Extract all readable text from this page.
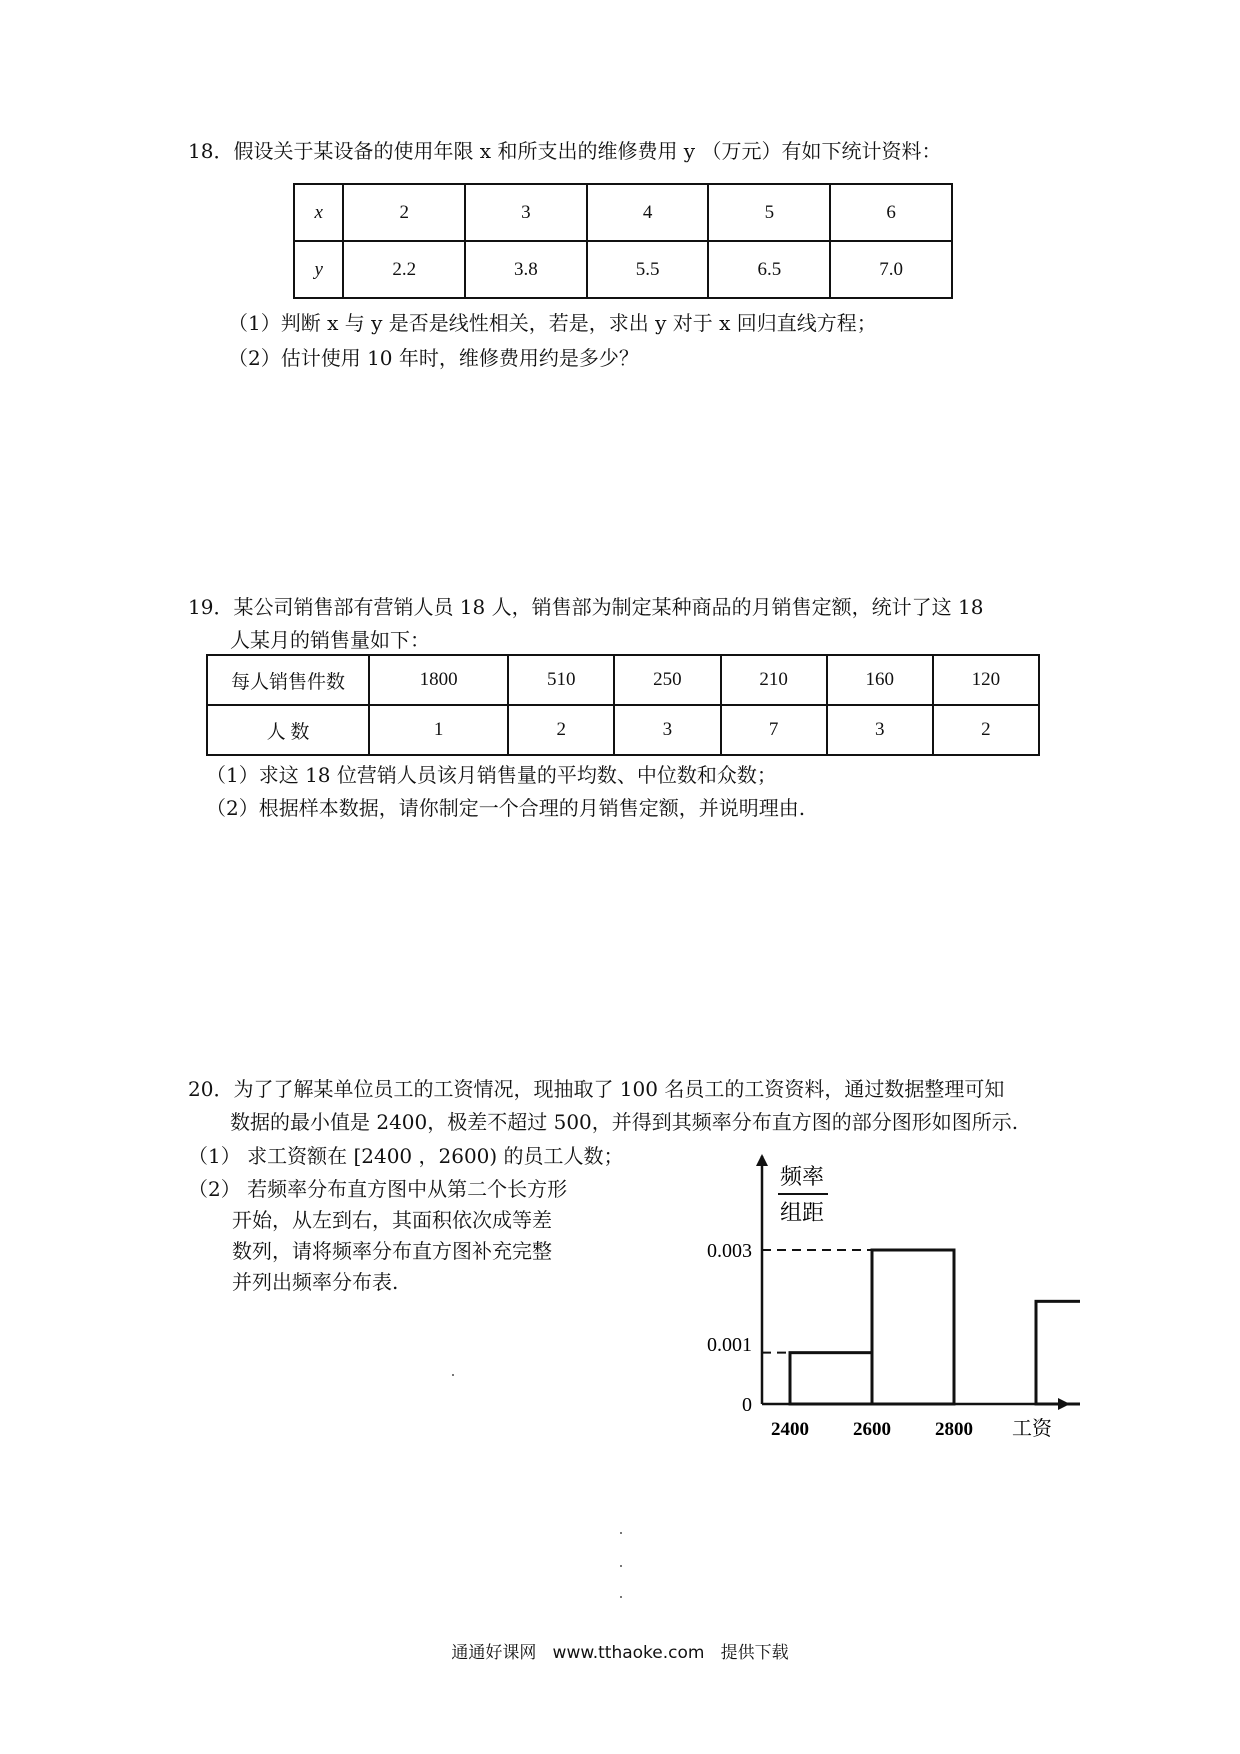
18．假设关于某设备的使用年限 x 和所支出的维修费用 y （万元）有如下统计资料：
x	2	3	4	5	6
y	2.2	3.8	5.5	6.5	7.0
（1）判断 x 与 y 是否是线性相关，若是，求出 y 对于 x 回归直线方程；
（2）估计使用 10 年时，维修费用约是多少？
19．某公司销售部有营销人员 18 人，销售部为制定某种商品的月销售定额，统计了这 18
人某月的销售量如下：
每人销售件数	1800	510	250	210	160	120
人 数	1	2	3	7	3	2
（1）求这 18 位营销人员该月销售量的平均数、中位数和众数；
（2）根据样本数据，请你制定一个合理的月销售定额，并说明理由.
20．为了了解某单位员工的工资情况，现抽取了 100 名员工的工资资料，通过数据整理可知
数据的最小值是 2400，极差不超过 500，并得到其频率分布直方图的部分图形如图所示.
（1） 求工资额在 [2400 ，2600) 的员工人数；
（2） 若频率分布直方图中从第二个长方形
开始，从左到右，其面积依次成等差
数列，请将频率分布直方图补充完整
并列出频率分布表.
频率
组距
0.003
0.001
0
2400 2600 2800 工资
通通好课网   www.tthaoke.com   提供下载
